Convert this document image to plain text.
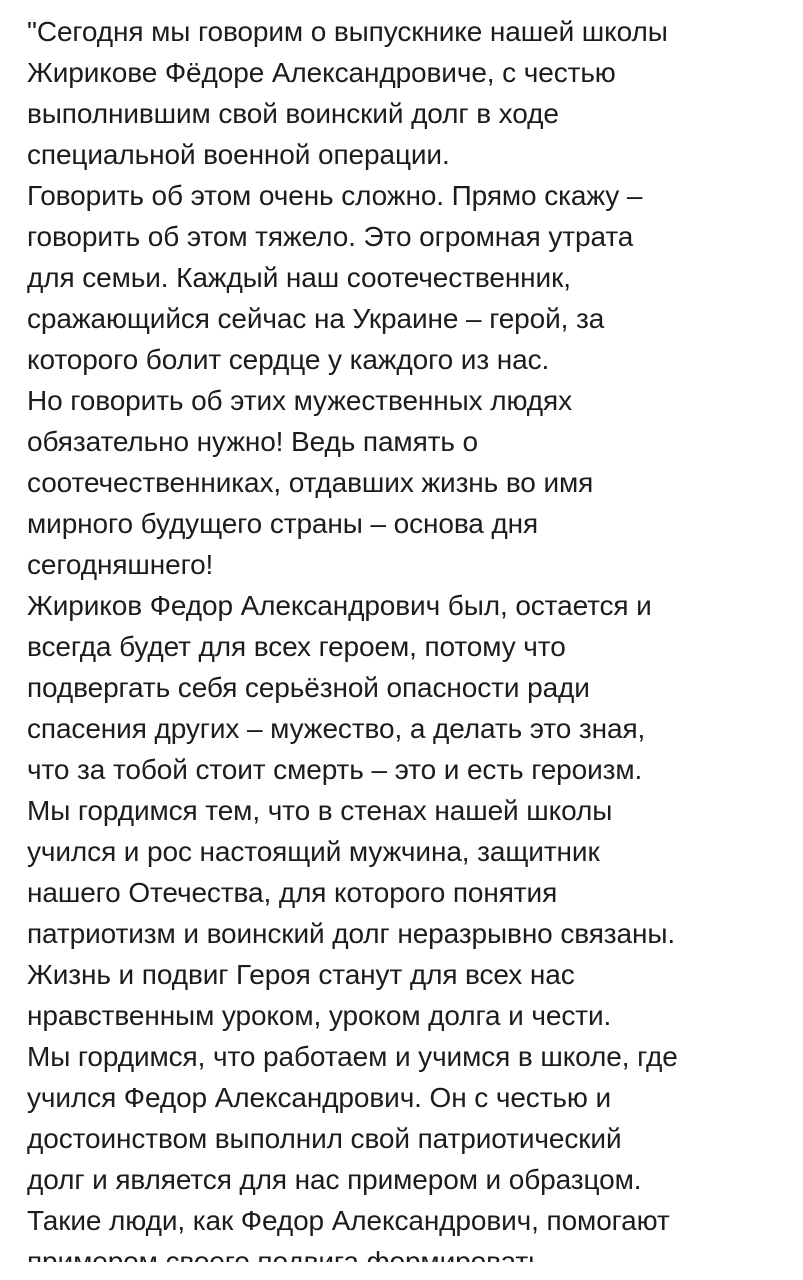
"Сегодня мы говорим о выпускнике нашей школы
Жирикове Фёдоре Александровиче, с честью
выполнившим свой воинский долг в ходе
специальной военной операции.
Говорить об этом очень сложно. Прямо скажу –
говорить об этом тяжело. Это огромная утрата
для семьи. Каждый наш соотечественник,
сражающийся сейчас на Украине – герой, за
которого болит сердце у каждого из нас.
Но говорить об этих мужественных людях
обязательно нужно! Ведь память о
соотечественниках, отдавших жизнь во имя
мирного будущего страны – основа дня
сегодняшнего!
Жириков Федор Александрович был, остается и
всегда будет для всех героем, потому что
подвергать себя серьёзной опасности ради
спасения других – мужество, а делать это зная,
что за тобой стоит смерть – это и есть героизм.
Мы гордимся тем, что в стенах нашей школы
учился и рос настоящий мужчина, защитник
нашего Отечества, для которого понятия
патриотизм и воинский долг неразрывно связаны.
Жизнь и подвиг Героя станут для всех нас
нравственным уроком, уроком долга и чести.
Мы гордимся, что работаем и учимся в школе, где
учился Федор Александрович. Он с честью и
достоинством выполнил свой патриотический
долг и является для нас примером и образцом.
Такие люди, как Федор Александрович, помогают
